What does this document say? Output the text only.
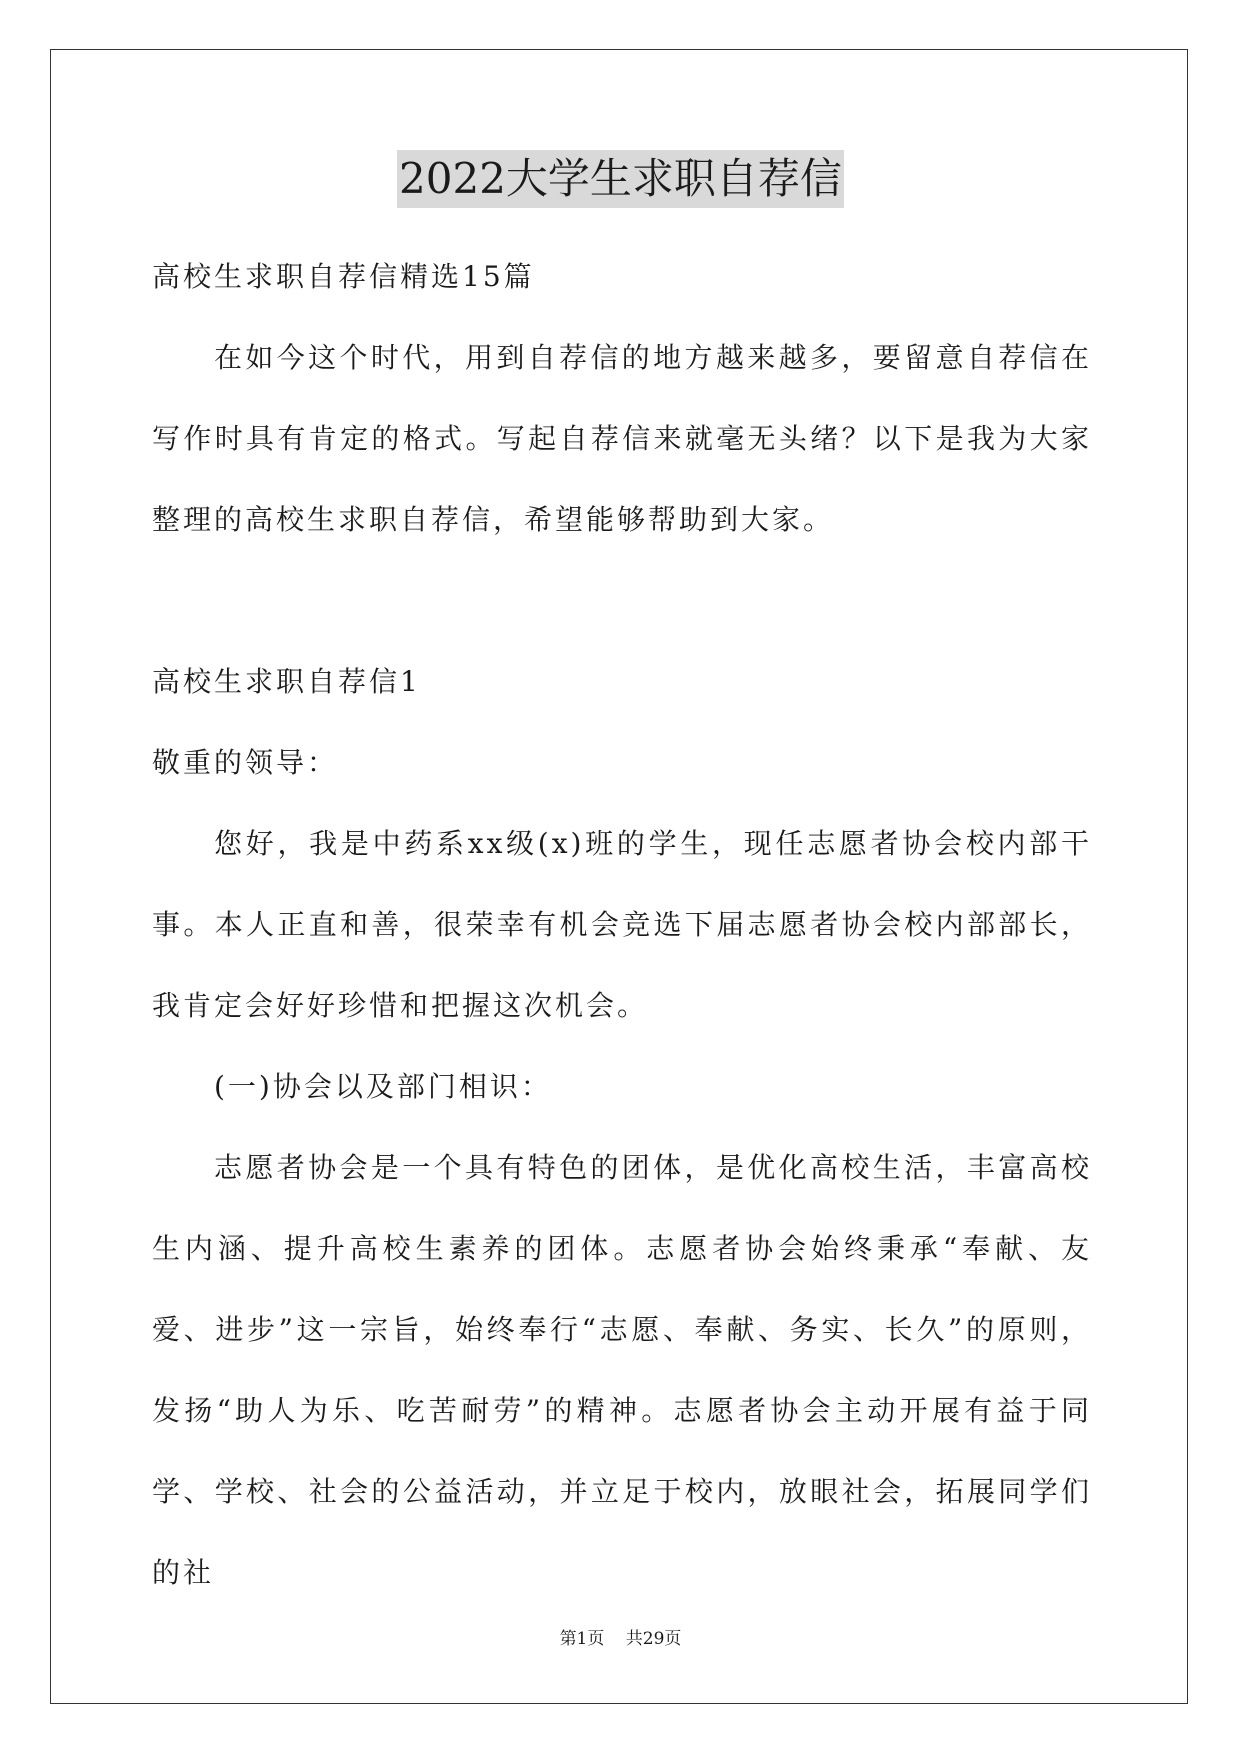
2022大学生求职自荐信

高校生求职自荐信精选15篇

在如今这个时代，用到自荐信的地方越来越多，要留意自荐信在写作时具有肯定的格式。写起自荐信来就毫无头绪？以下是我为大家整理的高校生求职自荐信，希望能够帮助到大家。

高校生求职自荐信1

敬重的领导：

您好，我是中药系xx级(x)班的学生，现任志愿者协会校内部干事。本人正直和善，很荣幸有机会竞选下届志愿者协会校内部部长，我肯定会好好珍惜和把握这次机会。

(一)协会以及部门相识：

志愿者协会是一个具有特色的团体，是优化高校生活，丰富高校生内涵、提升高校生素养的团体。志愿者协会始终秉承“奉献、友爱、进步”这一宗旨，始终奉行“志愿、奉献、务实、长久”的原则，发扬“助人为乐、吃苦耐劳”的精神。志愿者协会主动开展有益于同学、学校、社会的公益活动，并立足于校内，放眼社会，拓展同学们的社

第1页 共29页
